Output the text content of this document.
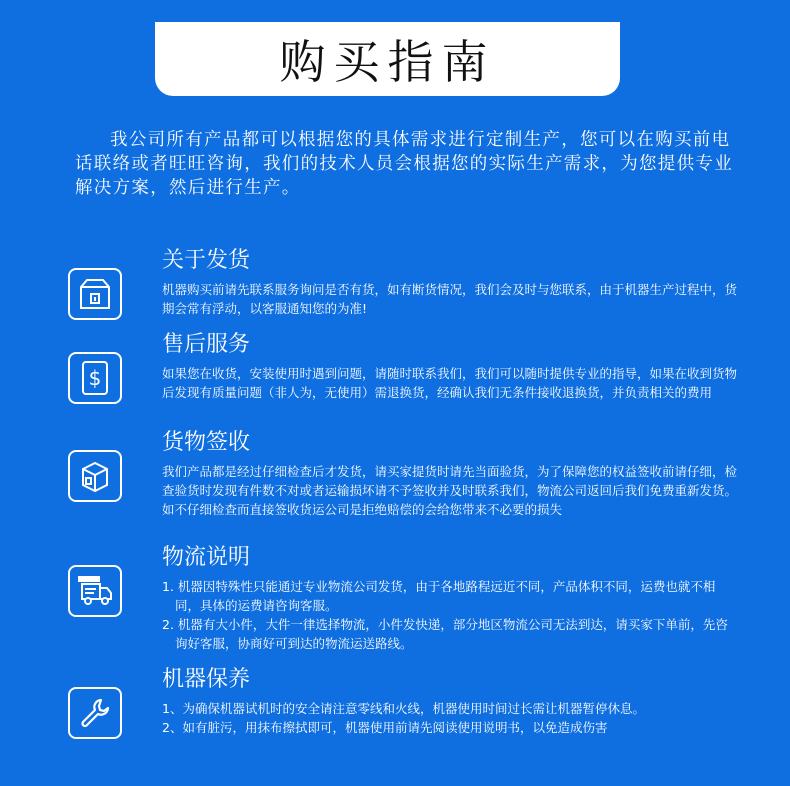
购买指南

我公司所有产品都可以根据您的具体需求进行定制生产，您可以在购买前电话联络或者旺旺咨询，我们的技术人员会根据您的实际生产需求，为您提供专业解决方案，然后进行生产。

关于发货

机器购买前请先联系服务询问是否有货，如有断货情况，我们会及时与您联系，由于机器生产过程中，货期会常有浮动，以客服通知您的为准!

$
售后服务

如果您在收货，安装使用时遇到问题，请随时联系我们，我们可以随时提供专业的指导，如果在收到货物后发现有质量问题（非人为，无使用）需退换货，经确认我们无条件接收退换货，并负责相关的费用

货物签收

我们产品都是经过仔细检查后才发货，请买家提货时请先当面验货，为了保障您的权益签收前请仔细，检查验货时发现有件数不对或者运输损坏请不予签收并及时联系我们，物流公司返回后我们免费重新发货。如不仔细检查而直接签收货运公司是拒绝赔偿的会给您带来不必要的损失

物流说明

1. 机器因特殊性只能通过专业物流公司发货，由于各地路程远近不同，产品体积不同，运费也就不相同，具体的运费请咨询客服。

2. 机器有大小件，大件一律选择物流，小件发快递，部分地区物流公司无法到达，请买家下单前，先咨询好客服，协商好可到达的物流运送路线。

机器保养

1、为确保机器试机时的安全请注意零线和火线，机器使用时间过长需让机器暂停休息。

2、如有脏污，用抹布擦拭即可，机器使用前请先阅读使用说明书，以免造成伤害
